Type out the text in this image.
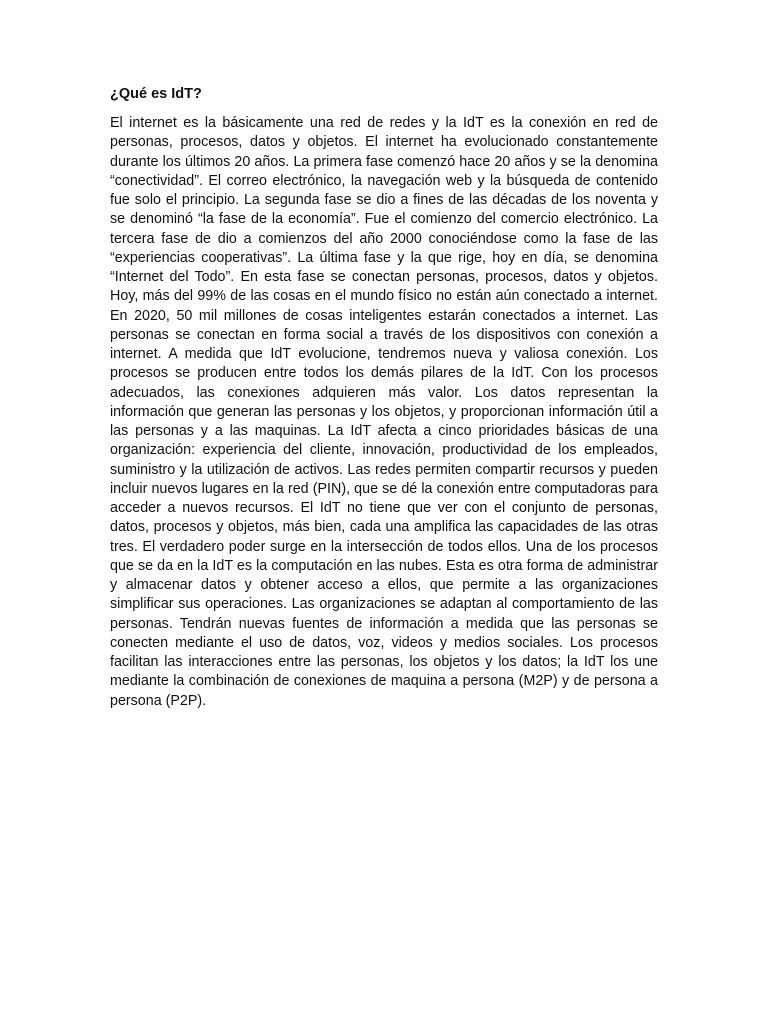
¿Qué es IdT?

El internet es la básicamente una red de redes y la IdT es la conexión en red de personas, procesos, datos y objetos. El internet ha evolucionado constantemente durante los últimos 20 años. La primera fase comenzó hace 20 años y se la denomina “conectividad”. El correo electrónico, la navegación web y la búsqueda de contenido fue solo el principio. La segunda fase se dio a fines de las décadas de los noventa y se denominó “la fase de la economía”. Fue el comienzo del comercio electrónico. La tercera fase de dio a comienzos del año 2000 conociéndose como la fase de las “experiencias cooperativas”. La última fase y la que rige, hoy en día, se denomina “Internet del Todo”. En esta fase se conectan personas, procesos, datos y objetos. Hoy, más del 99% de las cosas en el mundo físico no están aún conectado a internet. En 2020, 50 mil millones de cosas inteligentes estarán conectados a internet. Las personas se conectan en forma social a través de los dispositivos con conexión a internet. A medida que IdT evolucione, tendremos nueva y valiosa conexión. Los procesos se producen entre todos los demás pilares de la IdT. Con los procesos adecuados, las conexiones adquieren más valor. Los datos representan la información que generan las personas y los objetos, y proporcionan información útil a las personas y a las maquinas. La IdT afecta a cinco prioridades básicas de una organización: experiencia del cliente, innovación, productividad de los empleados, suministro y la utilización de activos. Las redes permiten compartir recursos y pueden incluir nuevos lugares en la red (PIN), que se dé la conexión entre computadoras para acceder a nuevos recursos. El IdT no tiene que ver con el conjunto de personas, datos, procesos y objetos, más bien, cada una amplifica las capacidades de las otras tres. El verdadero poder surge en la intersección de todos ellos. Una de los procesos que se da en la IdT es la computación en las nubes. Esta es otra forma de administrar y almacenar datos y obtener acceso a ellos, que permite a las organizaciones simplificar sus operaciones. Las organizaciones se adaptan al comportamiento de las personas. Tendrán nuevas fuentes de información a medida que las personas se conecten mediante el uso de datos, voz, videos y medios sociales. Los procesos facilitan las interacciones entre las personas, los objetos y los datos; la IdT los une mediante la combinación de conexiones de maquina a persona (M2P) y de persona a persona (P2P).
